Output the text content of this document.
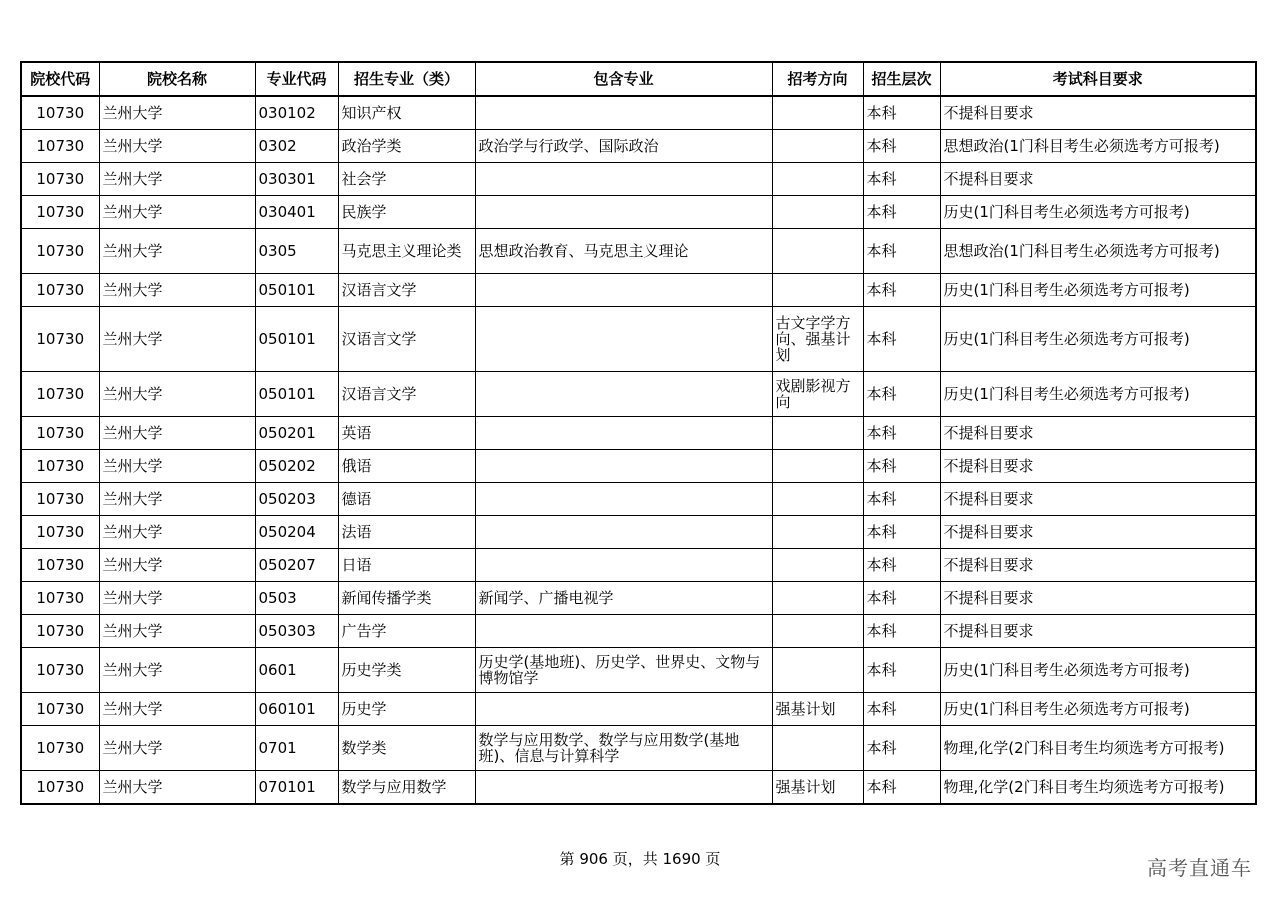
院校代码	院校名称	专业代码	招生专业（类）	包含专业	招考方向	招生层次	考试科目要求
10730	兰州大学	030102	知识产权			本科	不提科目要求
10730	兰州大学	0302	政治学类	政治学与行政学、国际政治		本科	思想政治(1门科目考生必须选考方可报考)
10730	兰州大学	030301	社会学			本科	不提科目要求
10730	兰州大学	030401	民族学			本科	历史(1门科目考生必须选考方可报考)
10730	兰州大学	0305	马克思主义理论类	思想政治教育、马克思主义理论		本科	思想政治(1门科目考生必须选考方可报考)
10730	兰州大学	050101	汉语言文学			本科	历史(1门科目考生必须选考方可报考)
10730	兰州大学	050101	汉语言文学		古文字学方向、强基计划	本科	历史(1门科目考生必须选考方可报考)
10730	兰州大学	050101	汉语言文学		戏剧影视方向	本科	历史(1门科目考生必须选考方可报考)
10730	兰州大学	050201	英语			本科	不提科目要求
10730	兰州大学	050202	俄语			本科	不提科目要求
10730	兰州大学	050203	德语			本科	不提科目要求
10730	兰州大学	050204	法语			本科	不提科目要求
10730	兰州大学	050207	日语			本科	不提科目要求
10730	兰州大学	0503	新闻传播学类	新闻学、广播电视学		本科	不提科目要求
10730	兰州大学	050303	广告学			本科	不提科目要求
10730	兰州大学	0601	历史学类	历史学(基地班)、历史学、世界史、文物与博物馆学		本科	历史(1门科目考生必须选考方可报考)
10730	兰州大学	060101	历史学		强基计划	本科	历史(1门科目考生必须选考方可报考)
10730	兰州大学	0701	数学类	数学与应用数学、数学与应用数学(基地班)、信息与计算科学		本科	物理,化学(2门科目考生均须选考方可报考)
10730	兰州大学	070101	数学与应用数学		强基计划	本科	物理,化学(2门科目考生均须选考方可报考)
第 906 页，共 1690 页	高考直通车
